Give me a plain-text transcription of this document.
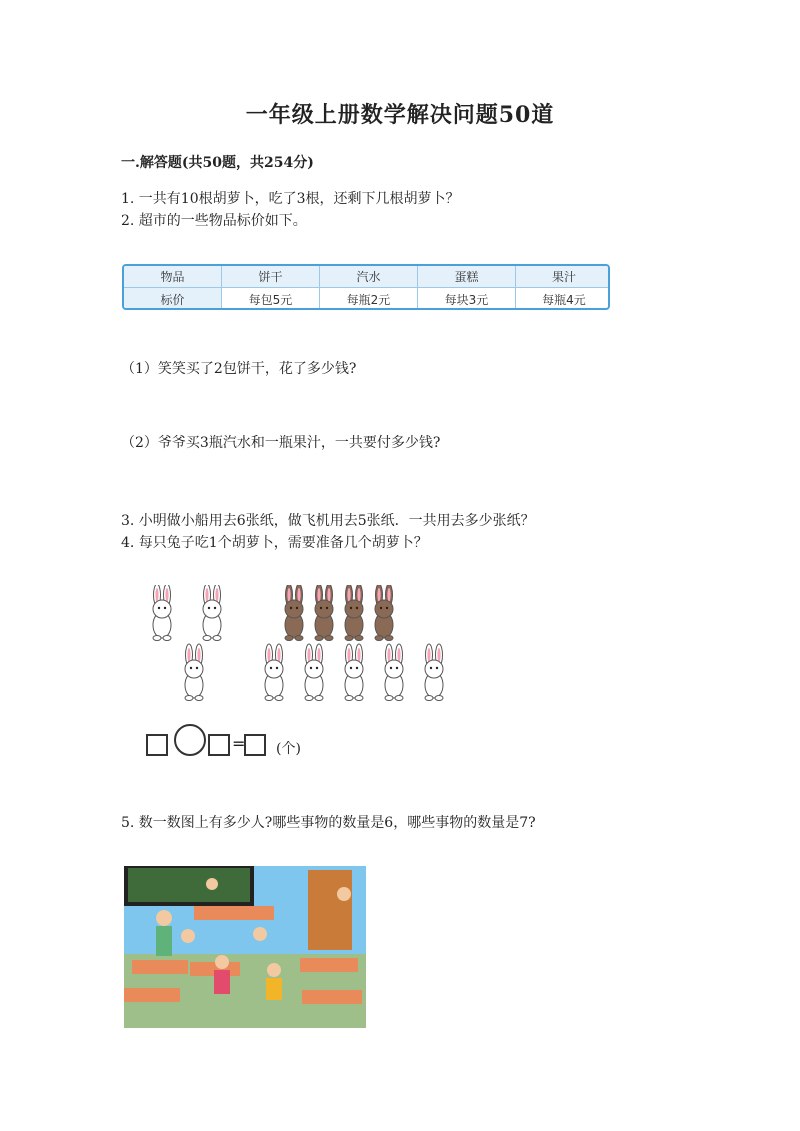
一年级上册数学解决问题50道
一.解答题(共50题，共254分)
1. 一共有10根胡萝卜，吃了3根，还剩下几根胡萝卜？
2. 超市的一些物品标价如下。
物品	饼干	汽水	蛋糕	果汁
标价	每包5元	每瓶2元	每块3元	每瓶4元
（1）笑笑买了2包饼干，花了多少钱?
（2）爷爷买3瓶汽水和一瓶果汁，一共要付多少钱?
3. 小明做小船用去6张纸，做飞机用去5张纸．一共用去多少张纸？
4. 每只兔子吃1个胡萝卜，需要准备几个胡萝卜？
= (个)
5. 数一数图上有多少人?哪些事物的数量是6，哪些事物的数量是7?
